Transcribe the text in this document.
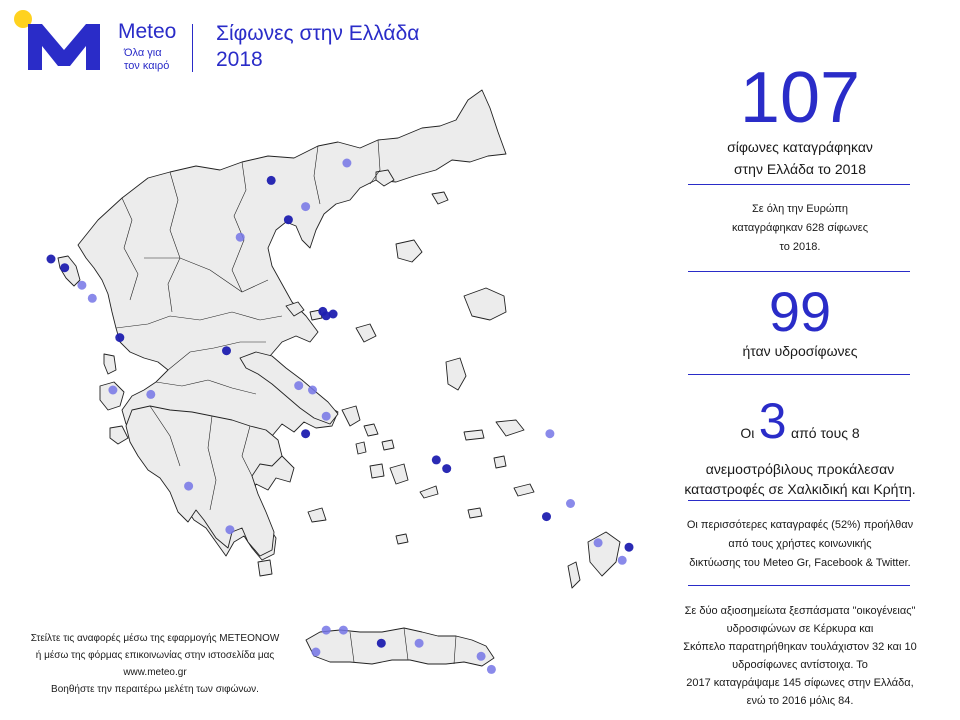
Meteo
Όλα για
τον καιρό
Σίφωνες στην Ελλάδα
2018	107
σίφωνες καταγράφηκαν
στην Ελλάδα το 2018
Σε όλη την Ευρώπη
καταγράφηκαν 628 σίφωνες
το 2018.
99
ήταν υδροσίφωνες
Οι 3 από τους 8
ανεμοστρόβιλους προκάλεσαν
καταστροφές σε Χαλκιδική και Κρήτη.
Οι περισσότερες καταγραφές (52%) προήλθαν
από τους χρήστες κοινωνικής
δικτύωσης του Meteo Gr, Facebook & Twitter.
Σε δύο αξιοσημείωτα ξεσπάσματα "οικογένειας"
υδροσιφώνων σε Κέρκυρα και
Σκόπελο παρατηρήθηκαν τουλάχιστον 32 και 10
υδροσίφωνες αντίστοιχα. Το
2017 καταγράψαμε 145 σίφωνες στην Ελλάδα,
ενώ το 2016 μόλις 84.
Στείλτε τις αναφορές μέσω της εφαρμογής METEONOW
ή μέσω της φόρμας επικοινωνίας στην ιστοσελίδα μας
www.meteo.gr
Βοηθήστε την περαιτέρω μελέτη των σιφώνων.
